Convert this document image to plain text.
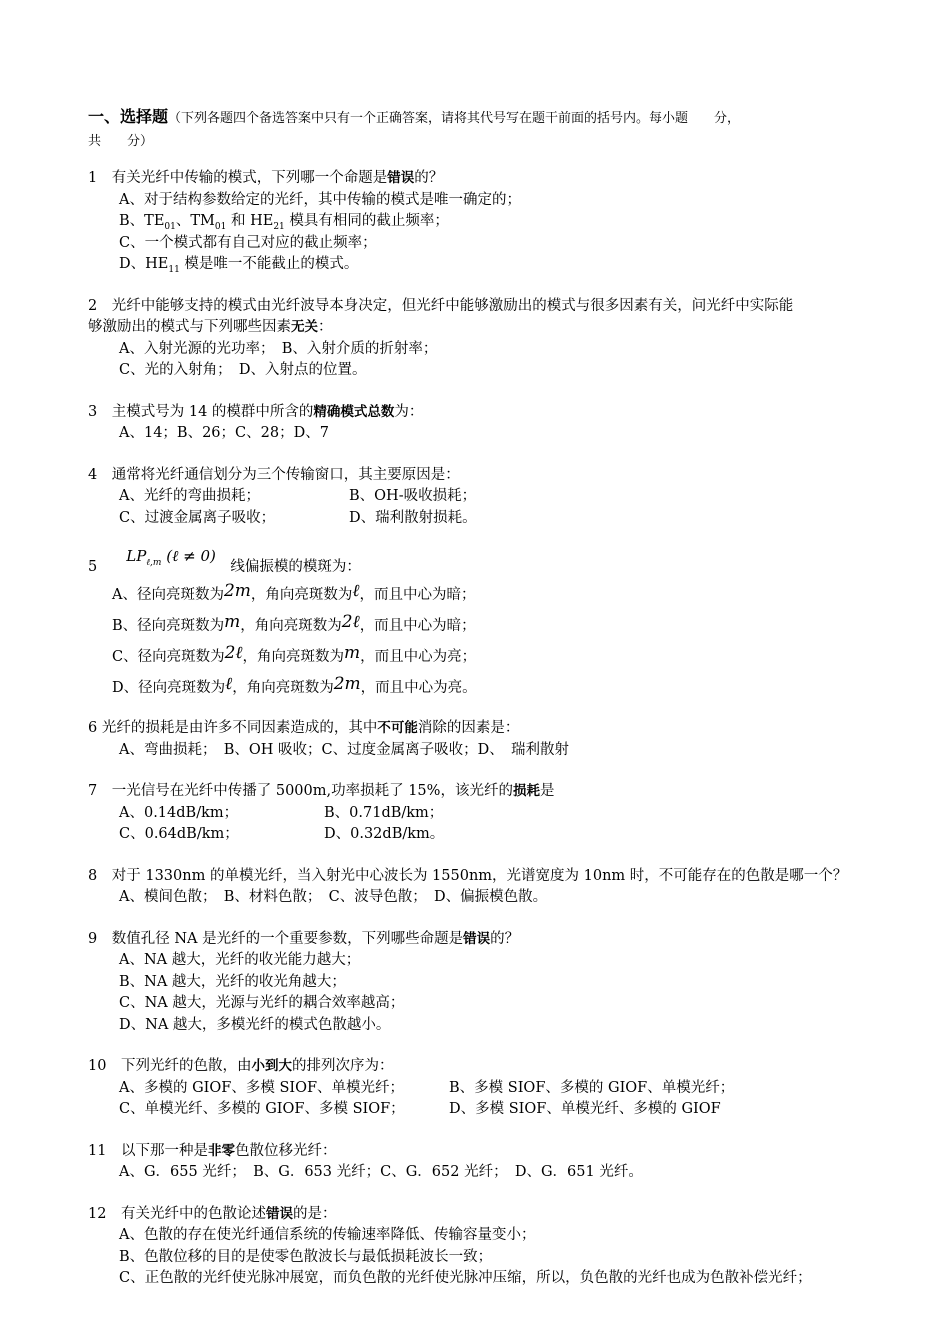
一、选择题（下列各题四个备选答案中只有一个正确答案，请将其代号写在题干前面的括号内。每小题　　分，
共　　分）
1　 有关光纤中传输的模式，下列哪一个命题是错误的？
A、对于结构参数给定的光纤，其中传输的模式是唯一确定的；
B、$TE_{01}$、$TM_{01}$ 和 $HE_{21}$ 模具有相同的截止频率；
C、一个模式都有自己对应的截止频率；
D、$HE_{11}$ 模是唯一不能截止的模式。
2　 光纤中能够支持的模式由光纤波导本身决定，但光纤中能够激励出的模式与很多因素有关，问光纤中实际能
够激励出的模式与下列哪些因素无关：
A、入射光源的光功率；　B、入射介质的折射率；
C、光的入射角；　D、入射点的位置。
3　 主模式号为 14 的模群中所含的精确模式总数为：
A、14；B、26；C、28；D、7
4　 通常将光纤通信划分为三个传输窗口，其主要原因是：
A、光纤的弯曲损耗；	B、OH-吸收损耗；
C、过渡金属离子吸收；	D、瑞利散射损耗。
5　　$LP_{\ell,m}$ (ℓ ≠ 0)　线偏振模的模斑为：
A、径向亮斑数为2m，角向亮斑数为ℓ，而且中心为暗；
B、径向亮斑数为m，角向亮斑数为2ℓ，而且中心为暗；
C、径向亮斑数为2ℓ，角向亮斑数为m，而且中心为亮；
D、径向亮斑数为ℓ，角向亮斑数为2m，而且中心为亮。
6 光纤的损耗是由许多不同因素造成的，其中不可能消除的因素是：
A、弯曲损耗；　B、OH 吸收；C、过度金属离子吸收；D、　瑞利散射
7　 一光信号在光纤中传播了 5000m,功率损耗了 15%，该光纤的损耗是
A、0.14dB/km；	B、0.71dB/km；
C、0.64dB/km；	D、0.32dB/km。
8　 对于 1330nm 的单模光纤，当入射光中心波长为 1550nm，光谱宽度为 10nm 时，不可能存在的色散是哪一个？
A、模间色散；　B、材料色散；　C、波导色散；　D、偏振模色散。
9　 数值孔径 NA 是光纤的一个重要参数，下列哪些命题是错误的？
A、NA 越大，光纤的收光能力越大；
B、NA 越大，光纤的收光角越大；
C、NA 越大，光源与光纤的耦合效率越高；
D、NA 越大，多模光纤的模式色散越小。
10　 下列光纤的色散，由小到大的排列次序为：
A、多模的 GIOF、多模 SIOF、单模光纤；	B、多模 SIOF、多模的 GIOF、单模光纤；
C、单模光纤、多模的 GIOF、多模 SIOF；	D、多模 SIOF、单模光纤、多模的 GIOF
11　 以下那一种是非零色散位移光纤：
A、G．655 光纤；　B、G．653 光纤；C、G．652 光纤；　D、G．651 光纤。
12　 有关光纤中的色散论述错误的是：
A、色散的存在使光纤通信系统的传输速率降低、传输容量变小；
B、色散位移的目的是使零色散波长与最低损耗波长一致；
C、正色散的光纤使光脉冲展宽，而负色散的光纤使光脉冲压缩，所以，负色散的光纤也成为色散补偿光纤；
